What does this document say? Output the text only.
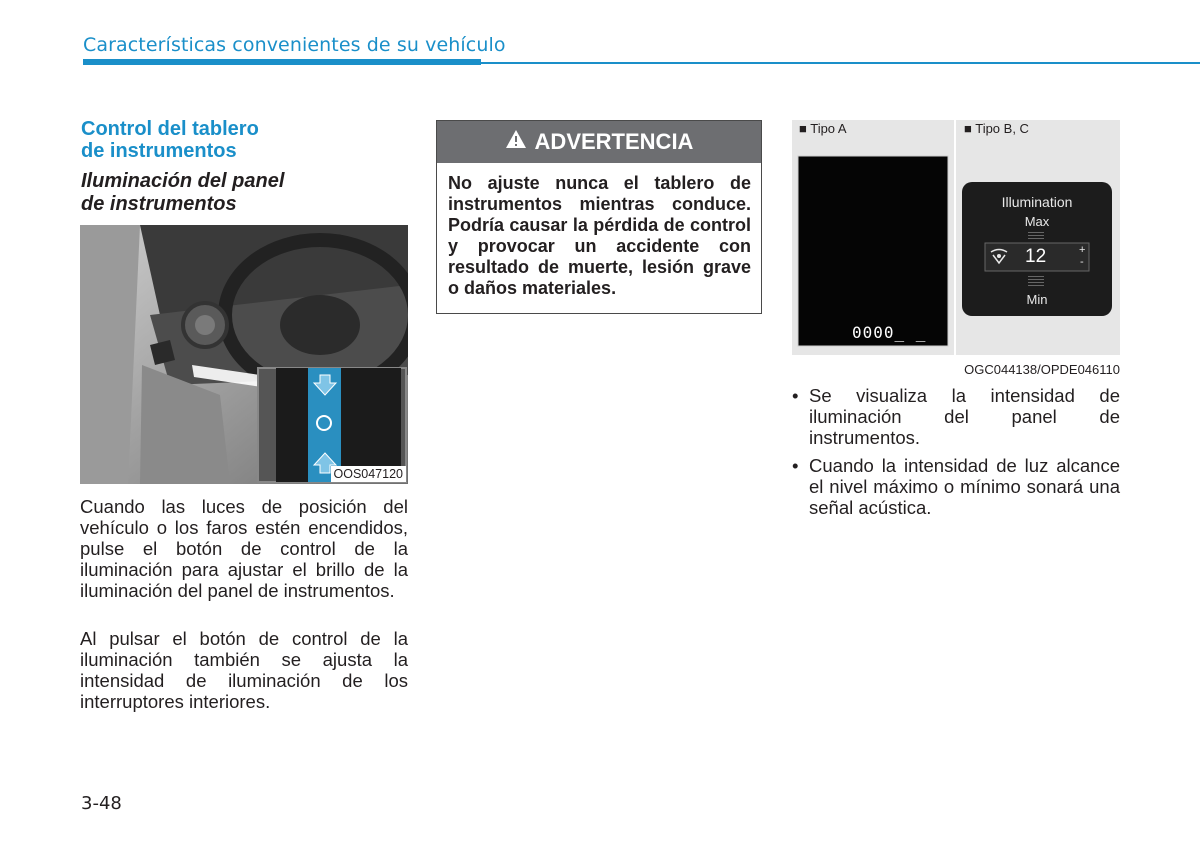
Características convenientes de su vehículo
Control del tablero
de instrumentos
Iluminación del panel
de instrumentos
OOS047120

Cuando las luces de posición del vehículo o los faros estén encendidos, pulse el botón de control de la iluminación para ajustar el brillo de la iluminación del panel de instrumentos.

Al pulsar el botón de control de la iluminación también se ajusta la intensidad de iluminación de los interruptores interiores.

ADVERTENCIA

No ajuste nunca el tablero de instrumentos mientras conduce. Podría causar la pérdida de control y provocar un accidente con resultado de muerte, lesión grave o daños materiales.

■ Tipo A	■ Tipo B, C
0000_ _
Illumination
Max
12	+
-
Min
OGC044138/OPDE046110
• Se visualiza la intensidad de iluminación del panel de instrumentos.
• Cuando la intensidad de luz alcance el nivel máximo o mínimo sonará una señal acústica.
3-48
